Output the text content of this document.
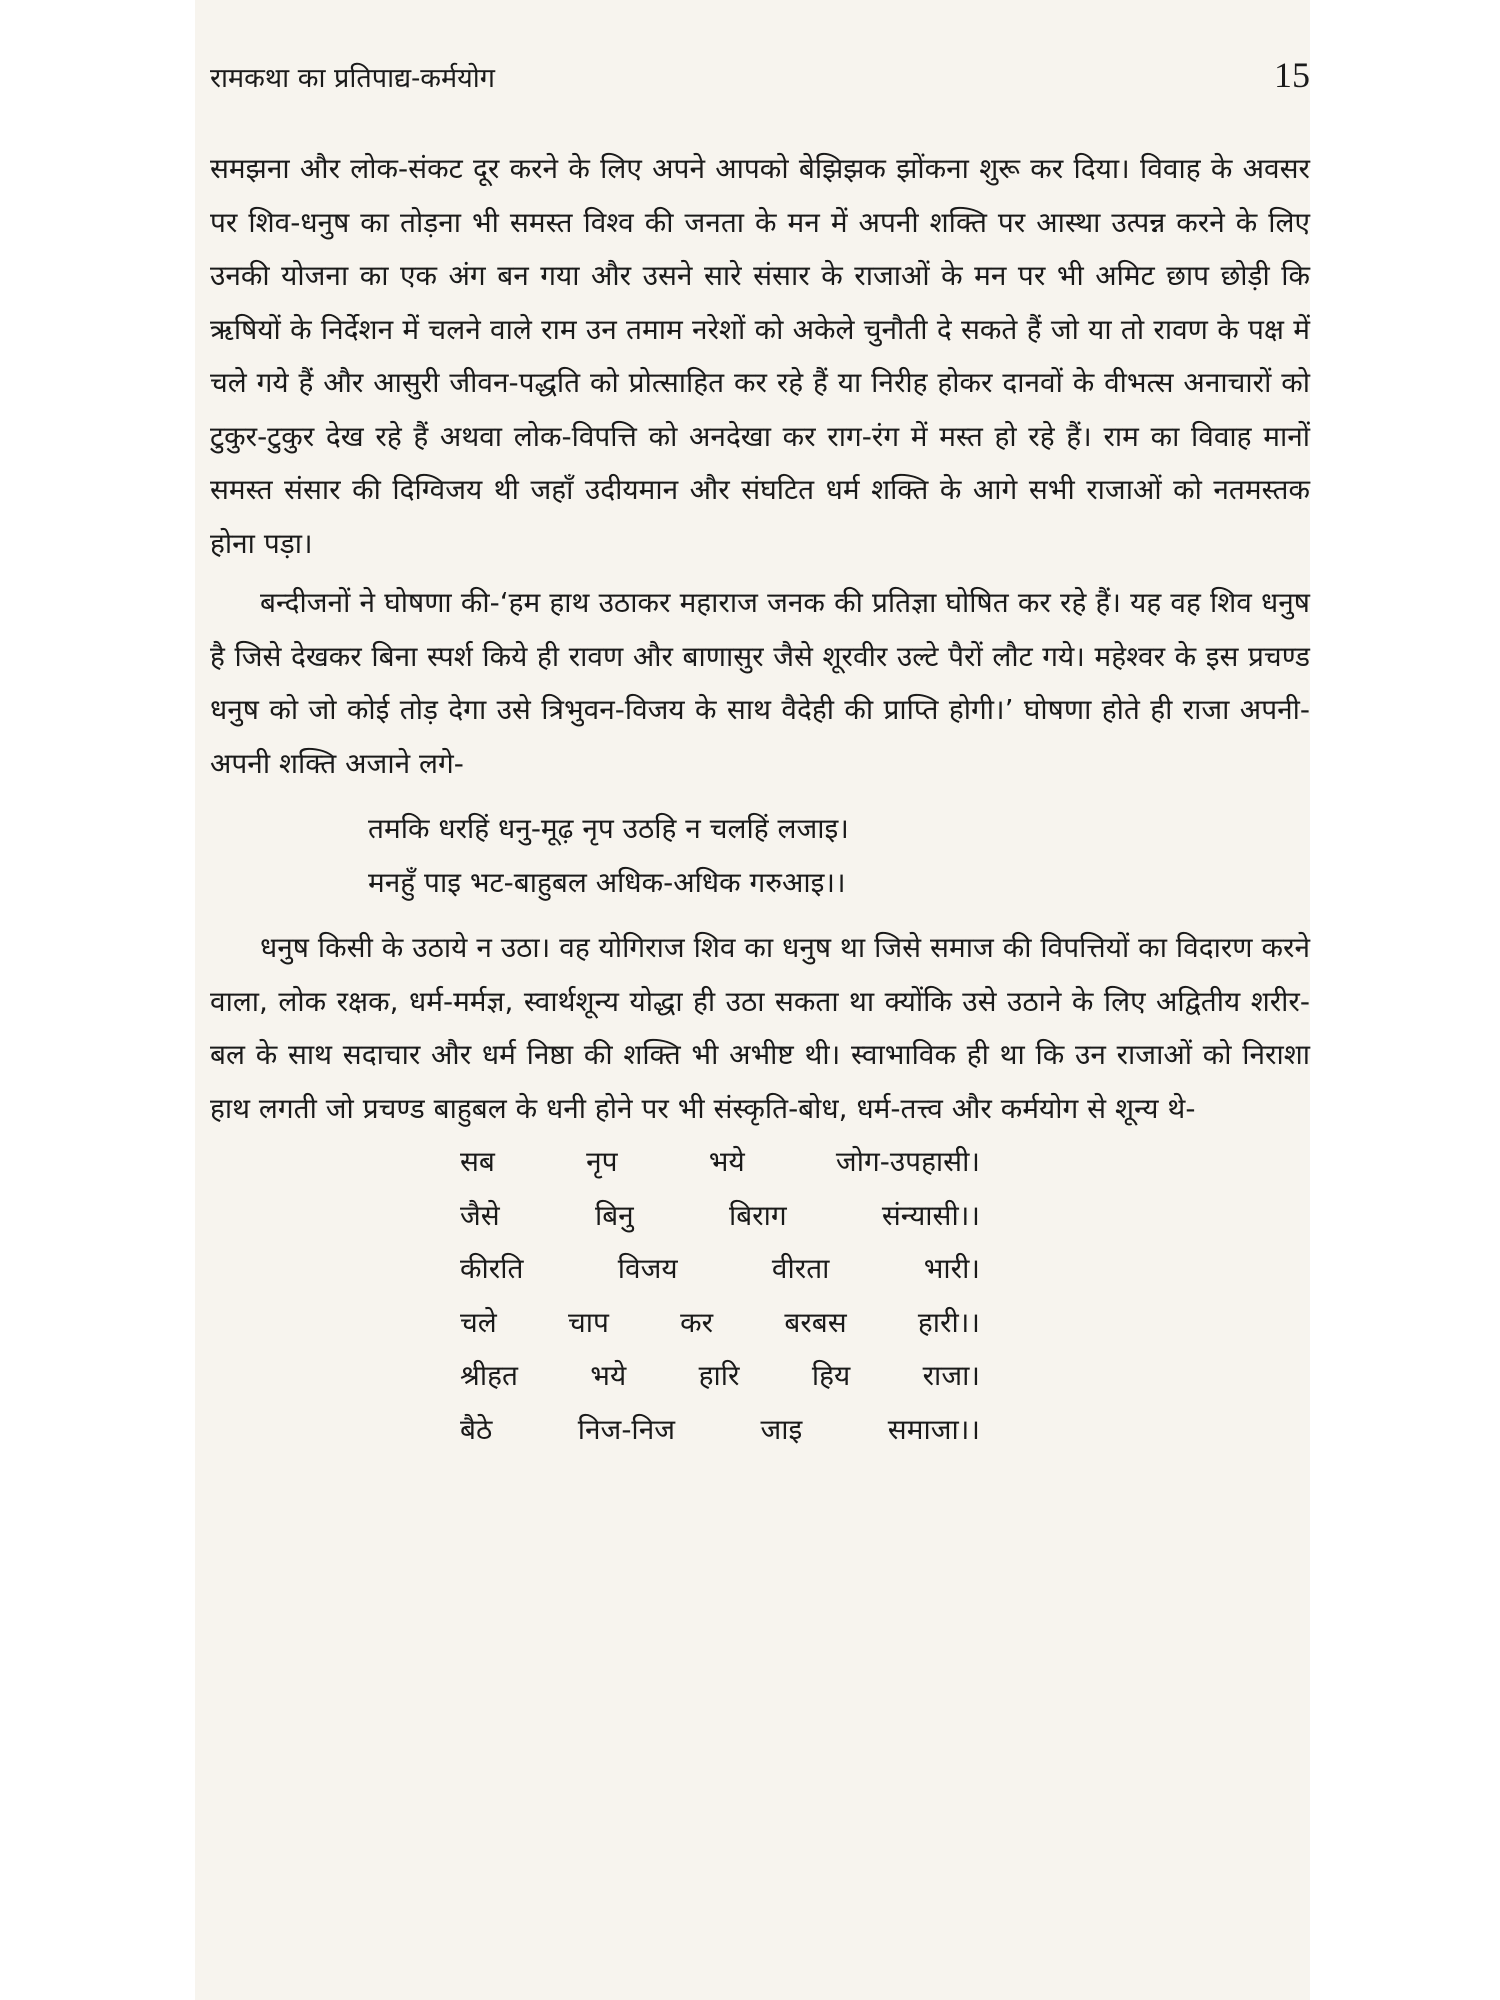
रामकथा का प्रतिपाद्य-कर्मयोग	15

समझना और लोक-संकट दूर करने के लिए अपने आपको बेझिझक झोंकना शुरू कर दिया। विवाह के अवसर पर शिव-धनुष का तोड़ना भी समस्त विश्व की जनता के मन में अपनी शक्ति पर आस्था उत्पन्न करने के लिए उनकी योजना का एक अंग बन गया और उसने सारे संसार के राजाओं के मन पर भी अमिट छाप छोड़ी कि ऋषियों के निर्देशन में चलने वाले राम उन तमाम नरेशों को अकेले चुनौती दे सकते हैं जो या तो रावण के पक्ष में चले गये हैं और आसुरी जीवन-पद्धति को प्रोत्साहित कर रहे हैं या निरीह होकर दानवों के वीभत्स अनाचारों को टुकुर-टुकुर देख रहे हैं अथवा लोक-विपत्ति को अनदेखा कर राग-रंग में मस्त हो रहे हैं। राम का विवाह मानों समस्त संसार की दिग्विजय थी जहाँ उदीयमान और संघटित धर्म शक्ति के आगे सभी राजाओं को नतमस्तक होना पड़ा।

बन्दीजनों ने घोषणा की-‘हम हाथ उठाकर महाराज जनक की प्रतिज्ञा घोषित कर रहे हैं। यह वह शिव धनुष है जिसे देखकर बिना स्पर्श किये ही रावण और बाणासुर जैसे शूरवीर उल्टे पैरों लौट गये। महेश्वर के इस प्रचण्ड धनुष को जो कोई तोड़ देगा उसे त्रिभुवन-विजय के साथ वैदेही की प्राप्ति होगी।’ घोषणा होते ही राजा अपनी-अपनी शक्ति अजाने लगे-

तमकि धरहिं धनु-मूढ़ नृप उठहि न चलहिं लजाइ।
मनहुँ पाइ भट-बाहुबल अधिक-अधिक गरुआइ।।

धनुष किसी के उठाये न उठा। वह योगिराज शिव का धनुष था जिसे समाज की विपत्तियों का विदारण करने वाला, लोक रक्षक, धर्म-मर्मज्ञ, स्वार्थशून्य योद्धा ही उठा सकता था क्योंकि उसे उठाने के लिए अद्वितीय शरीर-बल के साथ सदाचार और धर्म निष्ठा की शक्ति भी अभीष्ट थी। स्वाभाविक ही था कि उन राजाओं को निराशा हाथ लगती जो प्रचण्ड बाहुबल के धनी होने पर भी संस्कृति-बोध, धर्म-तत्त्व और कर्मयोग से शून्य थे-

सब	नृप	भये	जोग-उपहासी।
जैसे	बिनु	बिराग	संन्यासी।।
कीरति	विजय	वीरता	भारी।
चले	चाप	कर	बरबस	हारी।।
श्रीहत	भये	हारि	हिय	राजा।
बैठे	निज-निज	जाइ	समाजा।।
